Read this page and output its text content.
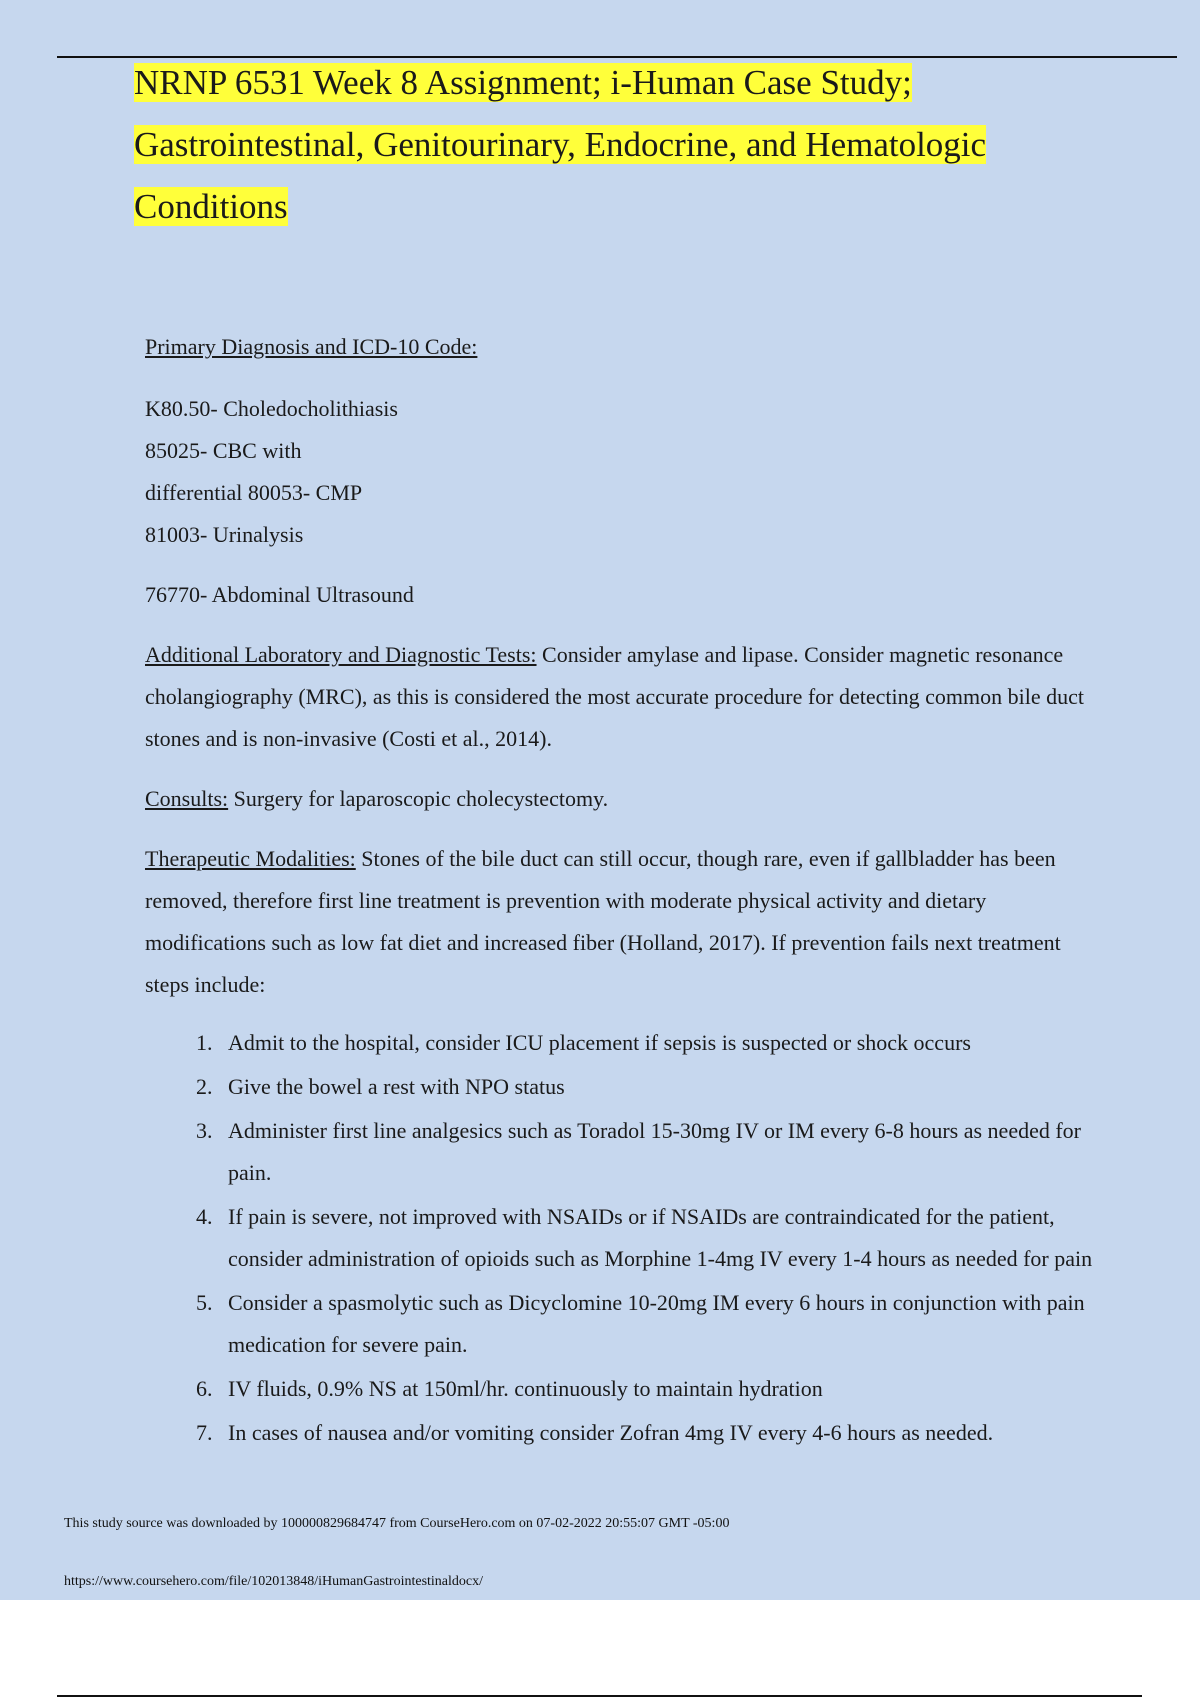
NRNP 6531 Week 8 Assignment; i-Human Case Study; Gastrointestinal, Genitourinary, Endocrine, and Hematologic Conditions

Primary Diagnosis and ICD-10 Code:

K80.50- Choledocholithiasis
85025- CBC with
differential 80053- CMP
81003- Urinalysis

76770- Abdominal Ultrasound

Additional Laboratory and Diagnostic Tests: Consider amylase and lipase. Consider magnetic resonance cholangiography (MRC), as this is considered the most accurate procedure for detecting common bile duct stones and is non-invasive (Costi et al., 2014).

Consults: Surgery for laparoscopic cholecystectomy.

Therapeutic Modalities: Stones of the bile duct can still occur, though rare, even if gallbladder has been removed, therefore first line treatment is prevention with moderate physical activity and dietary modifications such as low fat diet and increased fiber (Holland, 2017). If prevention fails next treatment steps include:

1. Admit to the hospital, consider ICU placement if sepsis is suspected or shock occurs
2. Give the bowel a rest with NPO status
3. Administer first line analgesics such as Toradol 15-30mg IV or IM every 6-8 hours as needed for pain.
4. If pain is severe, not improved with NSAIDs or if NSAIDs are contraindicated for the patient, consider administration of opioids such as Morphine 1-4mg IV every 1-4 hours as needed for pain
5. Consider a spasmolytic such as Dicyclomine 10-20mg IM every 6 hours in conjunction with pain medication for severe pain.
6. IV fluids, 0.9% NS at 150ml/hr. continuously to maintain hydration
7. In cases of nausea and/or vomiting consider Zofran 4mg IV every 4-6 hours as needed.
This study source was downloaded by 100000829684747 from CourseHero.com on 07-02-2022 20:55:07 GMT -05:00
https://www.coursehero.com/file/102013848/iHumanGastrointestinaldocx/
